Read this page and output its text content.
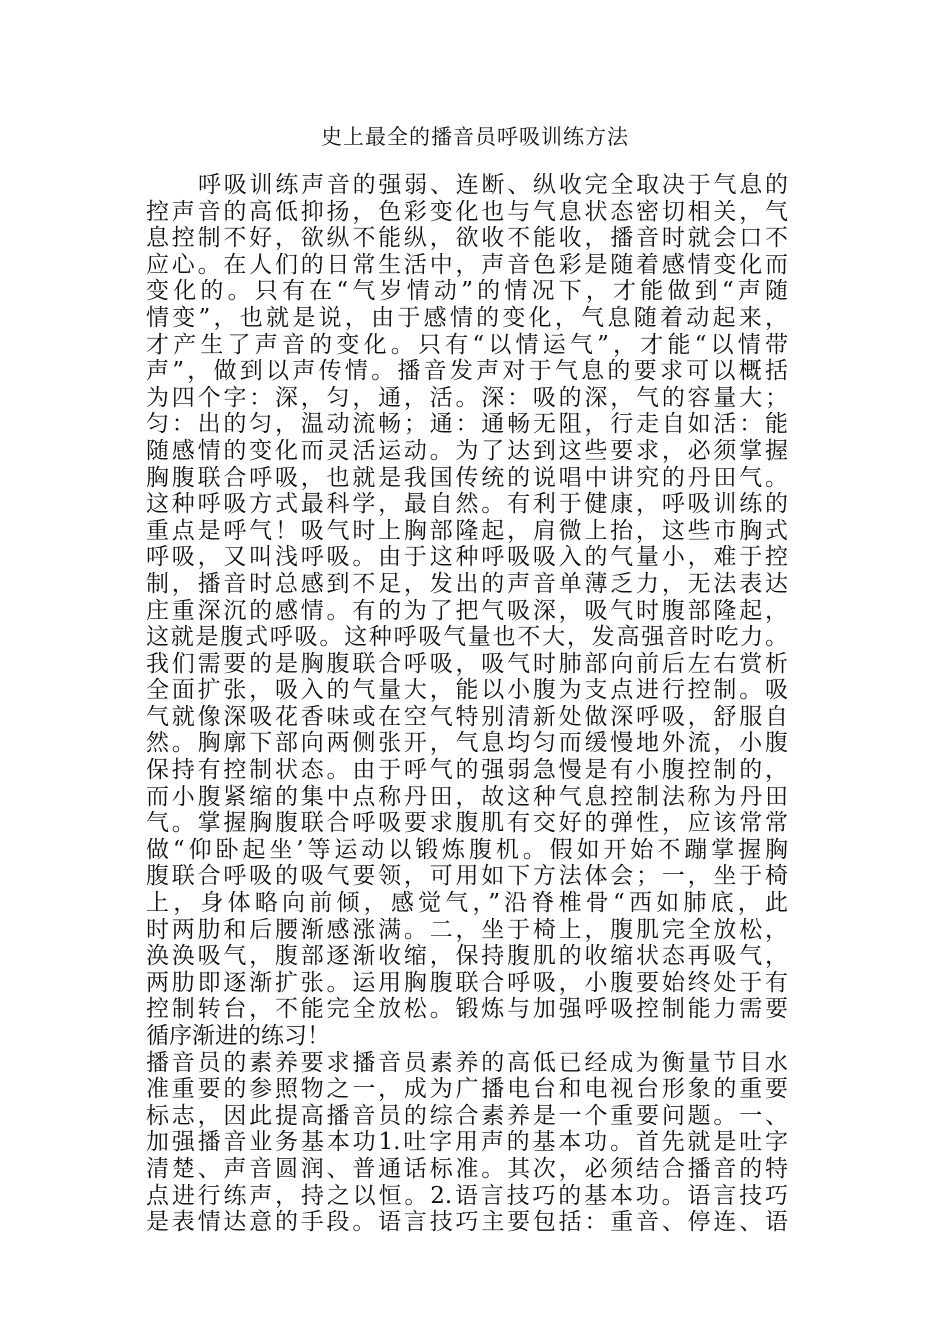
史上最全的播音员呼吸训练方法
呼吸训练声音的强弱、连断、纵收完全取决于气息的
控声音的高低抑扬，色彩变化也与气息状态密切相关，气
息控制不好，欲纵不能纵，欲收不能收，播音时就会口不
应心。在人们的日常生活中，声音色彩是随着感情变化而
变化的。只有在“气岁情动”的情况下，才能做到“声随
情变”，也就是说，由于感情的变化，气息随着动起来，
才产生了声音的变化。只有“以情运气”，才能“以情带
声”，做到以声传情。播音发声对于气息的要求可以概括
为四个字：深，匀，通，活。深：吸的深，气的容量大；
匀：出的匀，温动流畅；通：通畅无阻，行走自如活：能
随感情的变化而灵活运动。为了达到这些要求，必须掌握
胸腹联合呼吸，也就是我国传统的说唱中讲究的丹田气。
这种呼吸方式最科学，最自然。有利于健康，呼吸训练的
重点是呼气！吸气时上胸部隆起，肩微上抬，这些市胸式
呼吸，又叫浅呼吸。由于这种呼吸吸入的气量小，难于控
制，播音时总感到不足，发出的声音单薄乏力，无法表达
庄重深沉的感情。有的为了把气吸深，吸气时腹部隆起，
这就是腹式呼吸。这种呼吸气量也不大，发高强音时吃力。
我们需要的是胸腹联合呼吸，吸气时肺部向前后左右赏析
全面扩张，吸入的气量大，能以小腹为支点进行控制。吸
气就像深吸花香味或在空气特别清新处做深呼吸，舒服自
然。胸廓下部向两侧张开，气息均匀而缓慢地外流，小腹
保持有控制状态。由于呼气的强弱急慢是有小腹控制的，
而小腹紧缩的集中点称丹田，故这种气息控制法称为丹田
气。掌握胸腹联合呼吸要求腹肌有交好的弹性，应该常常
做“仰卧起坐’等运动以锻炼腹机。假如开始不蹦掌握胸
腹联合呼吸的吸气要领，可用如下方法体会；一，坐于椅
上，身体略向前倾，感觉气，”沿脊椎骨“西如肺底，此
时两肋和后腰渐感涨满。二，坐于椅上，腹肌完全放松，
涣涣吸气，腹部逐渐收缩，保持腹肌的收缩状态再吸气，
两肋即逐渐扩张。运用胸腹联合呼吸，小腹要始终处于有
控制转台，不能完全放松。锻炼与加强呼吸控制能力需要
循序渐进的练习！
播音员的素养要求播音员素养的高低已经成为衡量节目水
准重要的参照物之一，成为广播电台和电视台形象的重要
标志，因此提高播音员的综合素养是一个重要问题。一、
加强播音业务基本功1.吐字用声的基本功。首先就是吐字
清楚、声音圆润、普通话标准。其次，必须结合播音的特
点进行练声，持之以恒。2.语言技巧的基本功。语言技巧
是表情达意的手段。语言技巧主要包括：重音、停连、语
